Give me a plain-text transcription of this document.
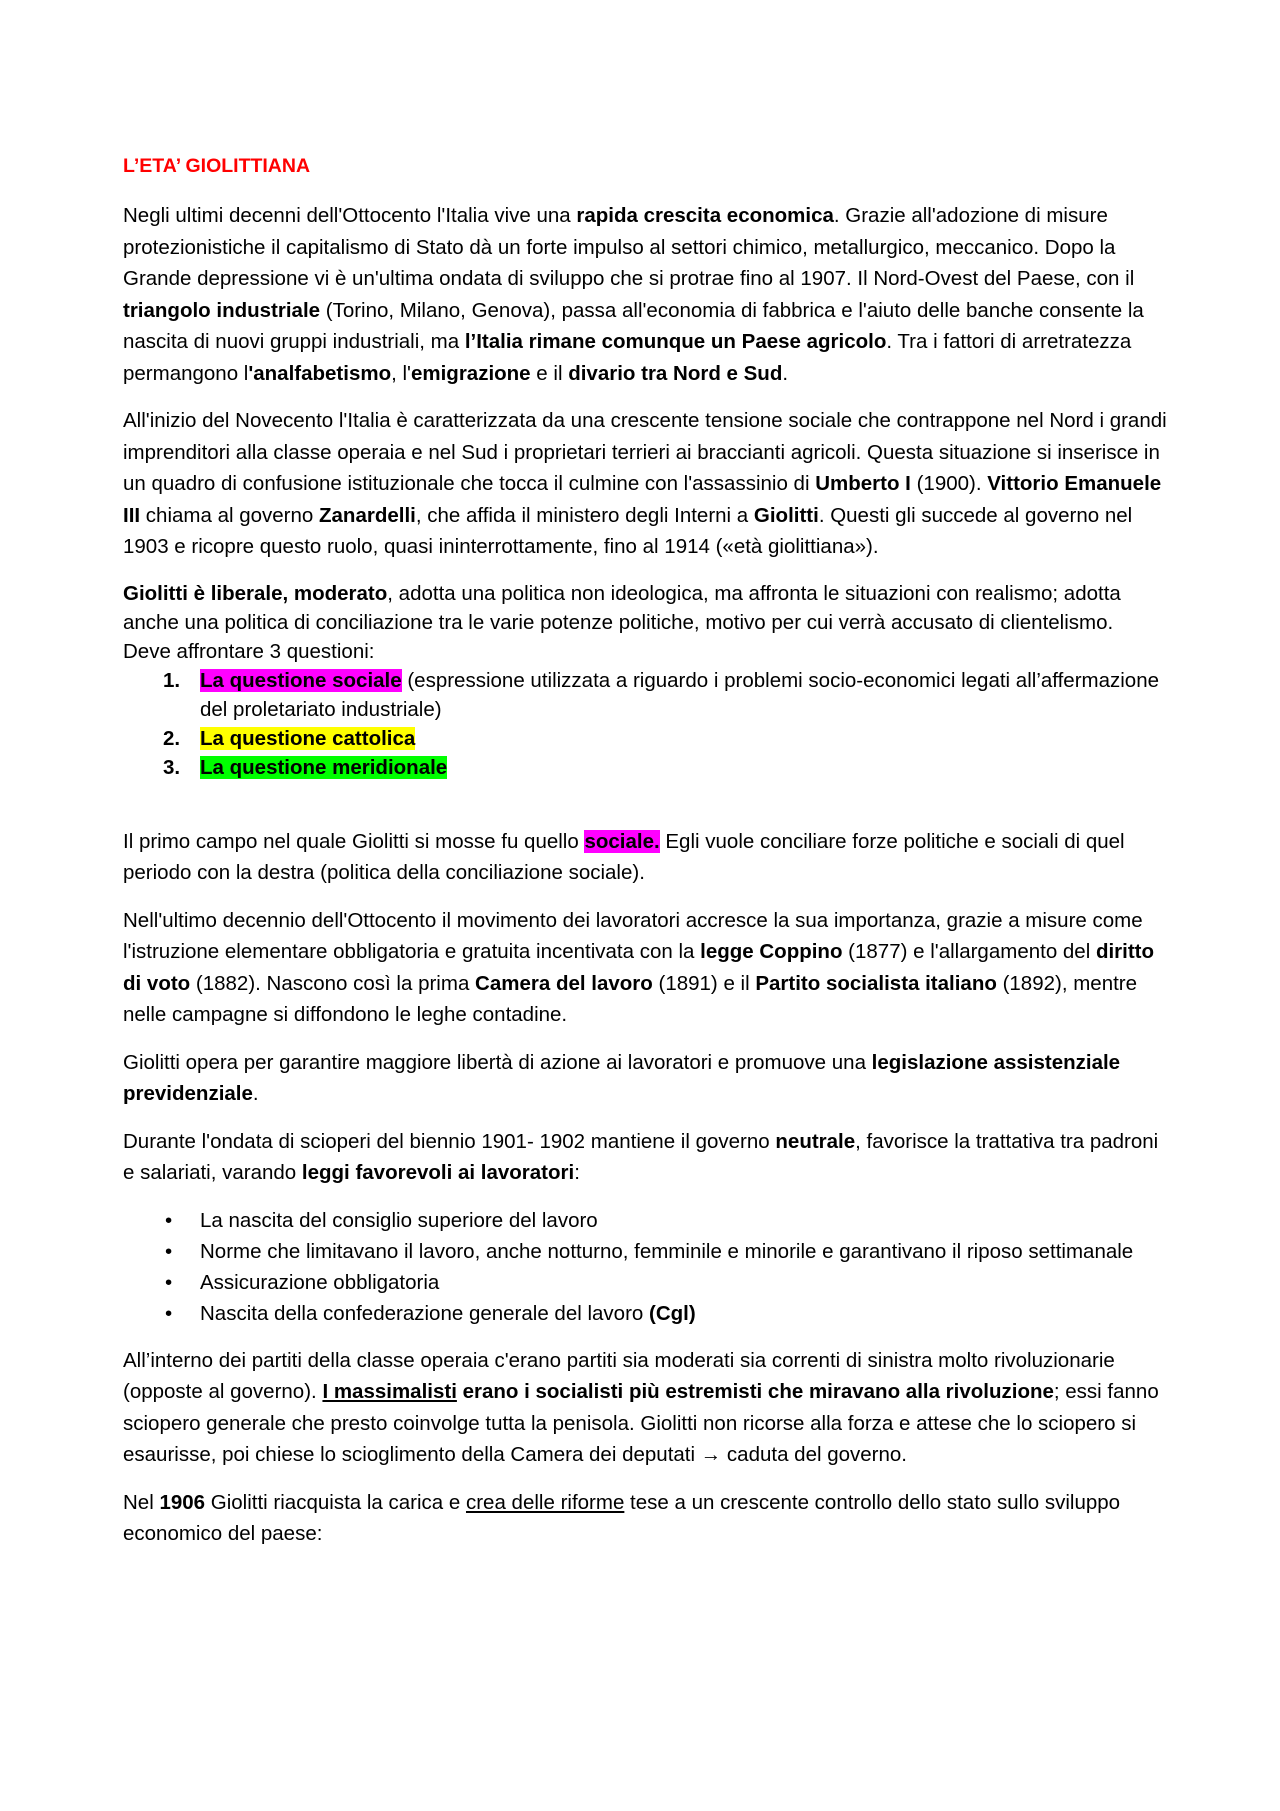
L’ETA’ GIOLITTIANA

Negli ultimi decenni dell'Ottocento l'Italia vive una rapida crescita economica. Grazie all'adozione di misure protezionistiche il capitalismo di Stato dà un forte impulso al settori chimico, metallurgico, meccanico. Dopo la Grande depressione vi è un'ultima ondata di sviluppo che si protrae fino al 1907. Il Nord-Ovest del Paese, con il triangolo industriale (Torino, Milano, Genova), passa all'economia di fabbrica e l'aiuto delle banche consente la nascita di nuovi gruppi industriali, ma l’Italia rimane comunque un Paese agricolo. Tra i fattori di arretratezza permangono l'analfabetismo, l'emigrazione e il divario tra Nord e Sud.

All'inizio del Novecento l'Italia è caratterizzata da una crescente tensione sociale che contrappone nel Nord i grandi imprenditori alla classe operaia e nel Sud i proprietari terrieri ai braccianti agricoli. Questa situazione si inserisce in un quadro di confusione istituzionale che tocca il culmine con l'assassinio di Umberto I (1900). Vittorio Emanuele III chiama al governo Zanardelli, che affida il ministero degli Interni a Giolitti. Questi gli succede al governo nel 1903 e ricopre questo ruolo, quasi ininterrottamente, fino al 1914 («età giolittiana»).

Giolitti è liberale, moderato, adotta una politica non ideologica, ma affronta le situazioni con realismo; adotta anche una politica di conciliazione tra le varie potenze politiche, motivo per cui verrà accusato di clientelismo.

Deve affrontare 3 questioni:

1. La questione sociale (espressione utilizzata a riguardo i problemi socio-economici legati all’affermazione del proletariato industriale)
2. La questione cattolica
3. La questione meridionale

Il primo campo nel quale Giolitti si mosse fu quello sociale. Egli vuole conciliare forze politiche e sociali di quel periodo con la destra (politica della conciliazione sociale).

Nell'ultimo decennio dell'Ottocento il movimento dei lavoratori accresce la sua importanza, grazie a misure come l'istruzione elementare obbligatoria e gratuita incentivata con la legge Coppino (1877) e l'allargamento del diritto di voto (1882). Nascono così la prima Camera del lavoro (1891) e il Partito socialista italiano (1892), mentre nelle campagne si diffondono le leghe contadine.

Giolitti opera per garantire maggiore libertà di azione ai lavoratori e promuove una legislazione assistenziale previdenziale.

Durante l'ondata di scioperi del biennio 1901- 1902 mantiene il governo neutrale, favorisce la trattativa tra padroni e salariati, varando leggi favorevoli ai lavoratori:

• La nascita del consiglio superiore del lavoro
• Norme che limitavano il lavoro, anche notturno, femminile e minorile e garantivano il riposo settimanale
• Assicurazione obbligatoria
• Nascita della confederazione generale del lavoro (Cgl)

All’interno dei partiti della classe operaia c'erano partiti sia moderati sia correnti di sinistra molto rivoluzionarie (opposte al governo). I massimalisti erano i socialisti più estremisti che miravano alla rivoluzione; essi fanno sciopero generale che presto coinvolge tutta la penisola. Giolitti non ricorse alla forza e attese che lo sciopero si esaurisse, poi chiese lo scioglimento della Camera dei deputati → caduta del governo.

Nel 1906 Giolitti riacquista la carica e crea delle riforme tese a un crescente controllo dello stato sullo sviluppo economico del paese:
